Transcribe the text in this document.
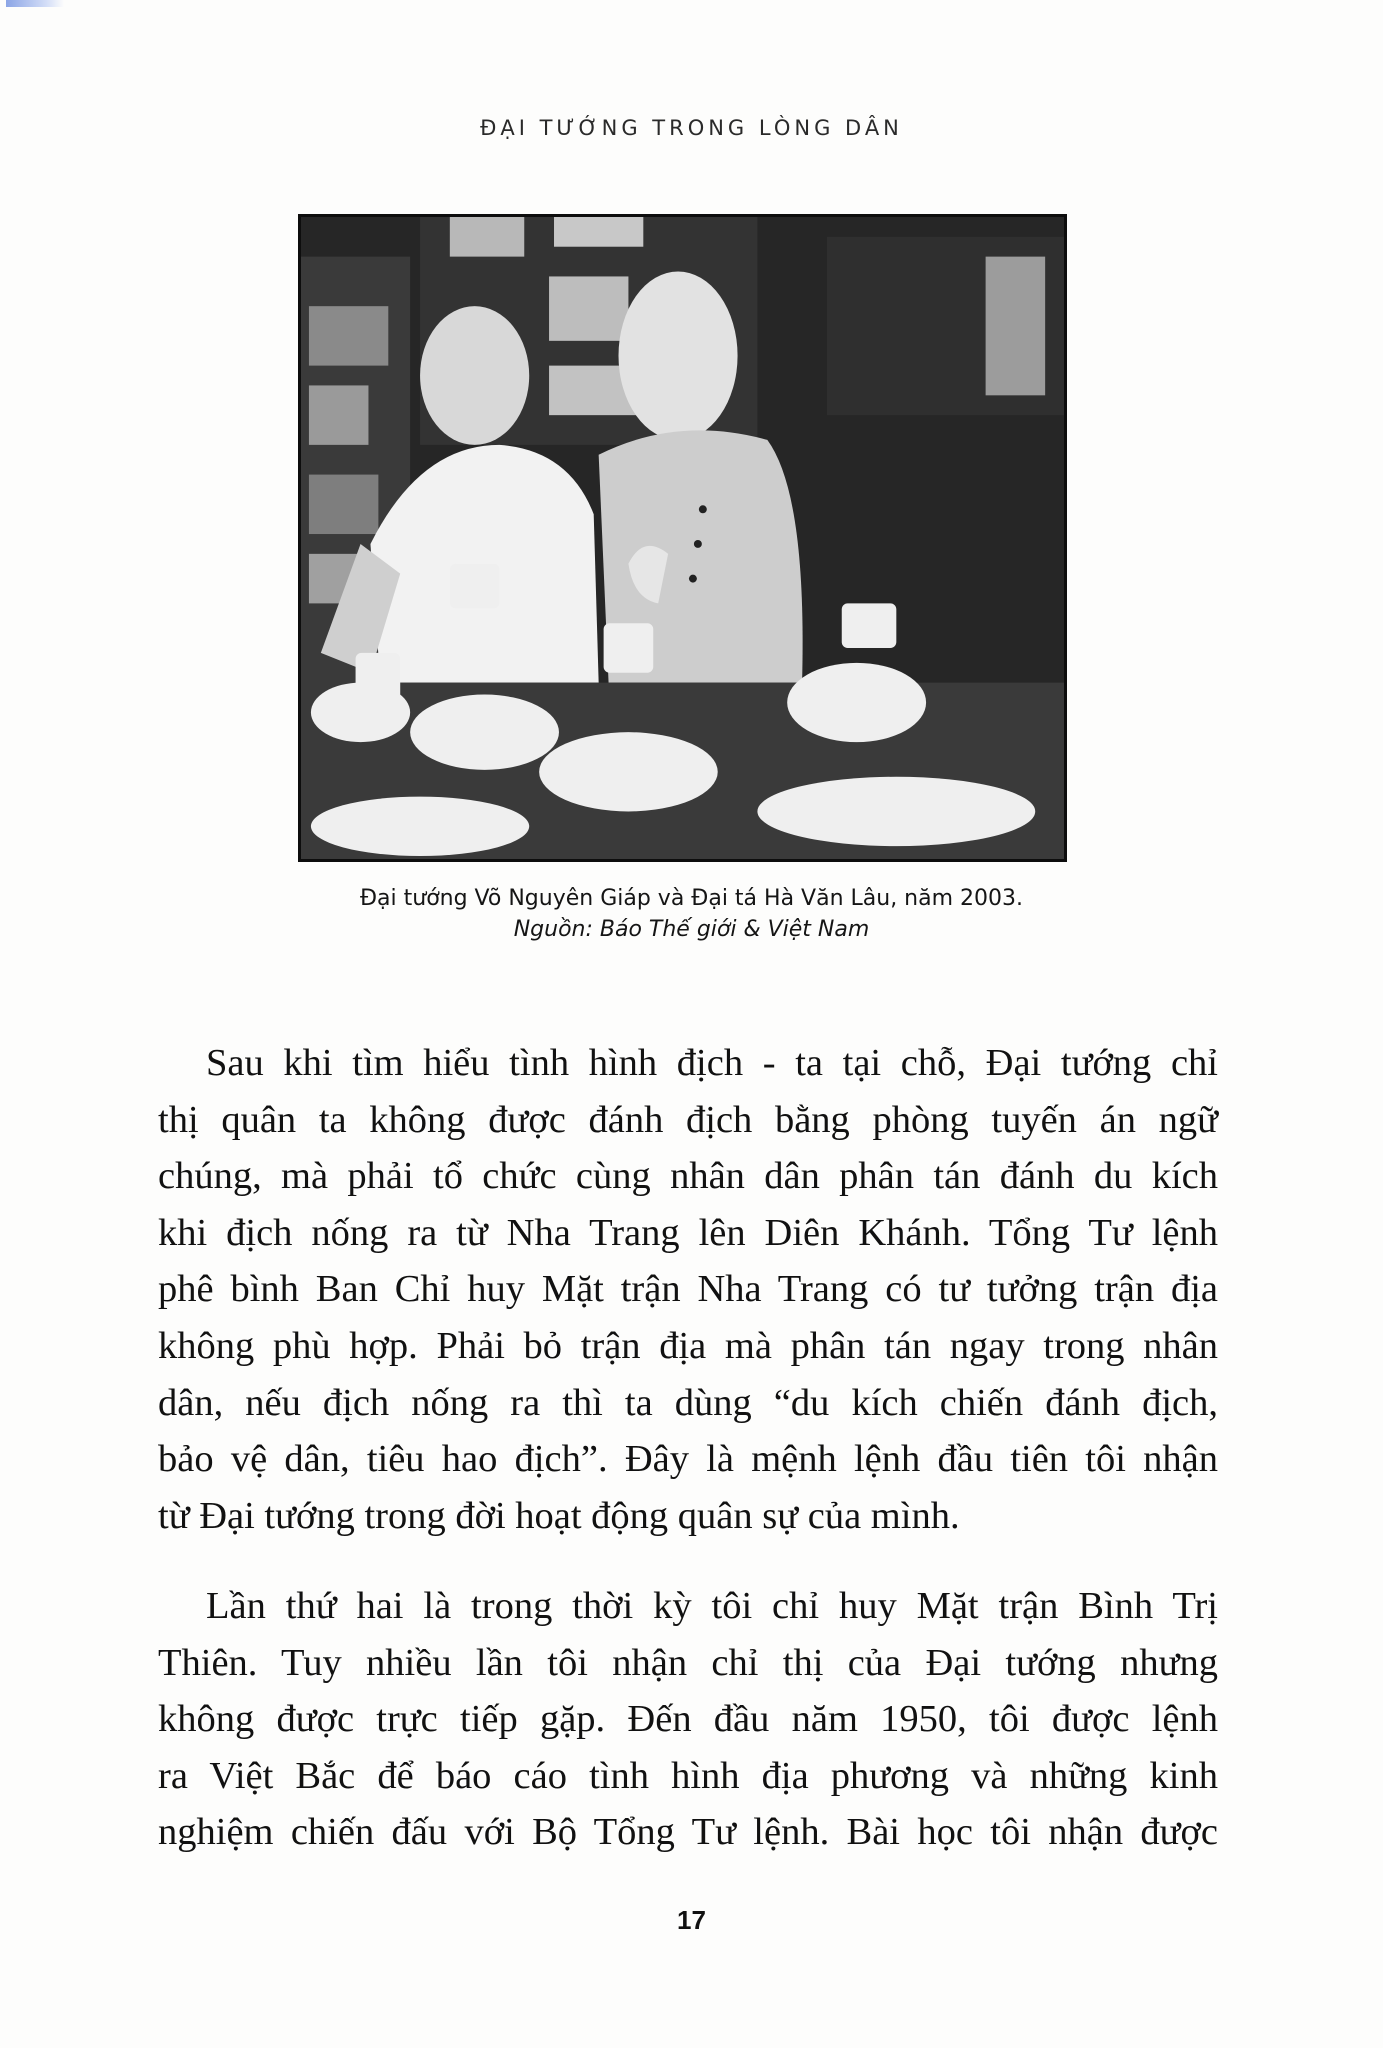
ĐẠI TƯỚNG TRONG LÒNG DÂN
Đại tướng Võ Nguyên Giáp và Đại tá Hà Văn Lâu, năm 2003.
Nguồn: Báo Thế giới & Việt Nam
Sau khi tìm hiểu tình hình địch - ta tại chỗ, Đại tướng chỉ
thị quân ta không được đánh địch bằng phòng tuyến án ngữ
chúng, mà phải tổ chức cùng nhân dân phân tán đánh du kích
khi địch nống ra từ Nha Trang lên Diên Khánh. Tổng Tư lệnh
phê bình Ban Chỉ huy Mặt trận Nha Trang có tư tưởng trận địa
không phù hợp. Phải bỏ trận địa mà phân tán ngay trong nhân
dân, nếu địch nống ra thì ta dùng “du kích chiến đánh địch,
bảo vệ dân, tiêu hao địch”. Đây là mệnh lệnh đầu tiên tôi nhận
từ Đại tướng trong đời hoạt động quân sự của mình.
Lần thứ hai là trong thời kỳ tôi chỉ huy Mặt trận Bình Trị
Thiên. Tuy nhiều lần tôi nhận chỉ thị của Đại tướng nhưng
không được trực tiếp gặp. Đến đầu năm 1950, tôi được lệnh
ra Việt Bắc để báo cáo tình hình địa phương và những kinh
nghiệm chiến đấu với Bộ Tổng Tư lệnh. Bài học tôi nhận được
17
